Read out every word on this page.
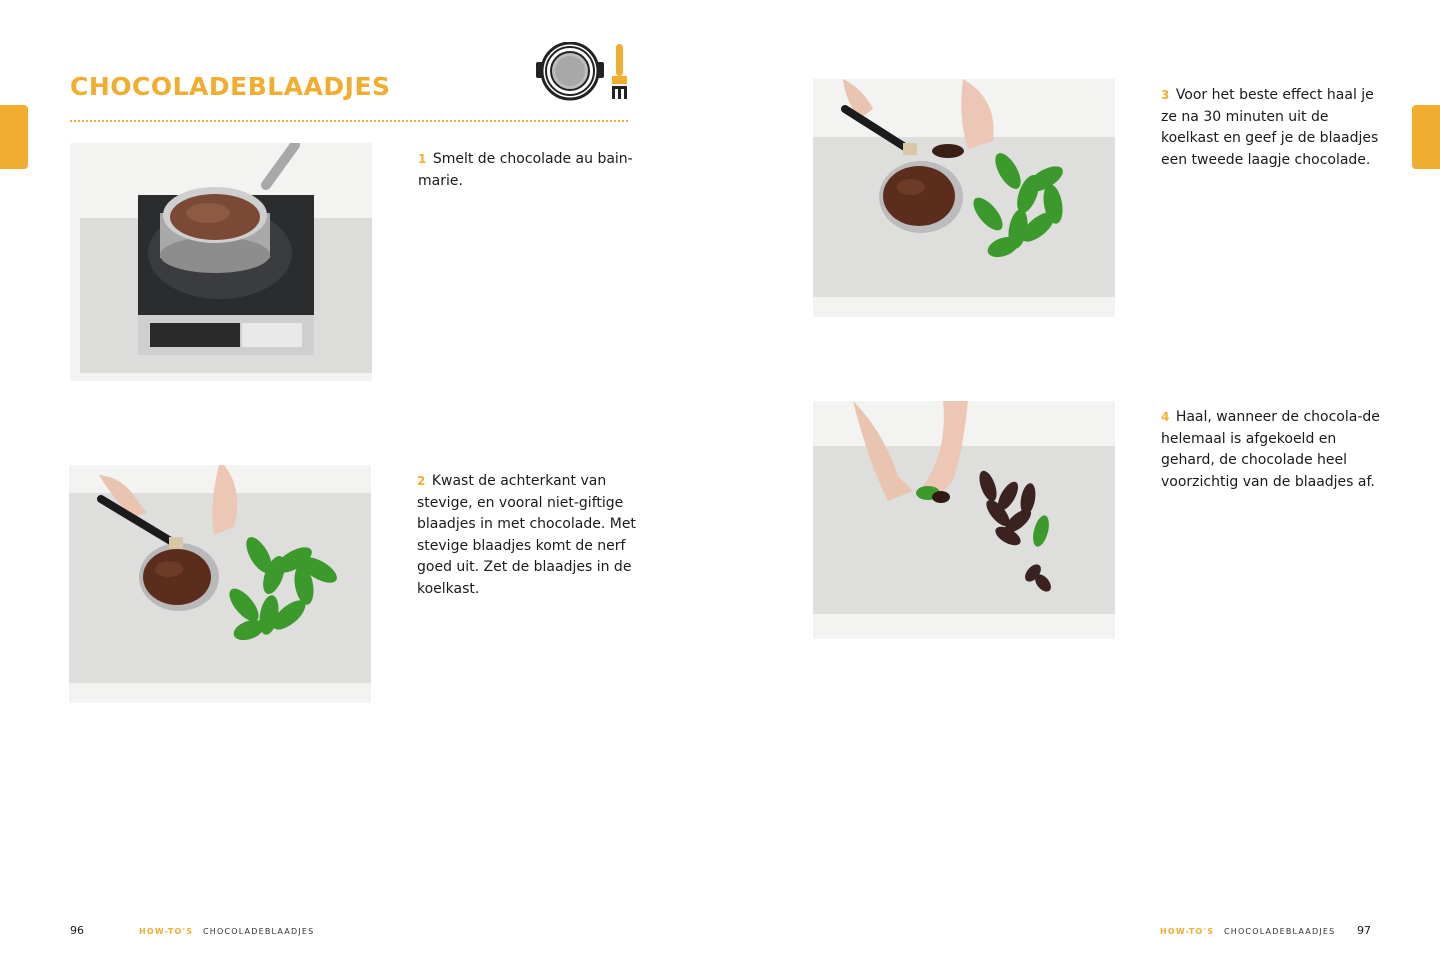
CHOCOLADEBLAADJES
1 Smelt de chocolade au bain-marie.
2 Kwast de achterkant van stevige, en vooral niet-giftige blaadjes in met chocolade. Met stevige blaadjes komt de nerf goed uit. Zet de blaadjes in de koelkast.
3 Voor het beste effect haal je ze na 30 minuten uit de koelkast en geef je de blaadjes een tweede laagje chocolade.
4 Haal, wanneer de chocola-de helemaal is afgekoeld en gehard, de chocolade heel voorzichtig van de blaadjes af.
96	HOW-TO'S CHOCOLADEBLAADJES	HOW-TO'S CHOCOLADEBLAADJES 97
